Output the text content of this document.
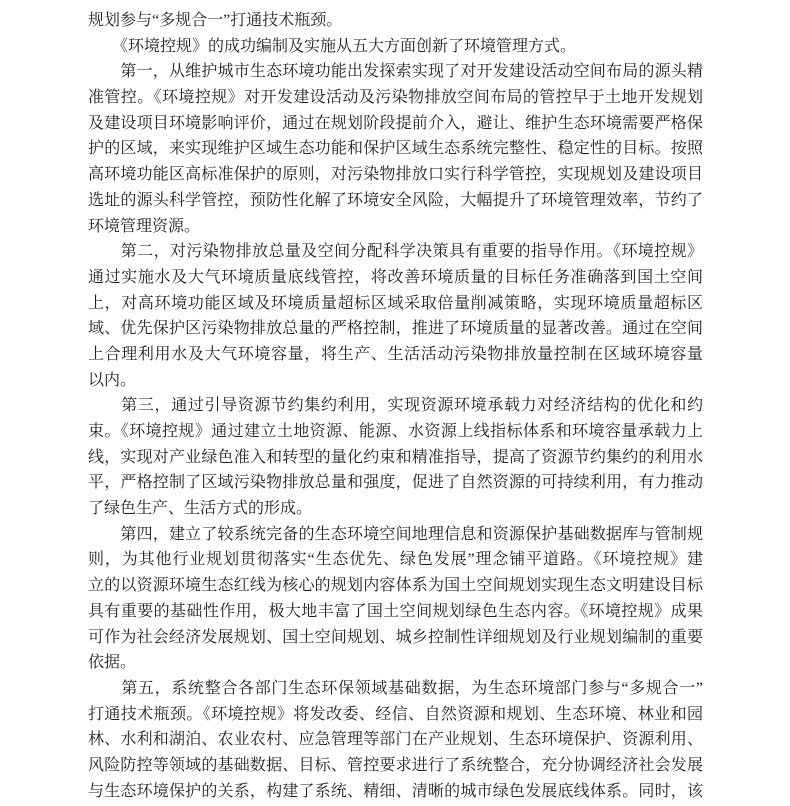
规划参与“多规合一”打通技术瓶颈。
　　《环境控规》的成功编制及实施从五大方面创新了环境管理方式。
　　第一，从维护城市生态环境功能出发探索实现了对开发建设活动空间布局的源头精
准管控。《环境控规》对开发建设活动及污染物排放空间布局的管控早于土地开发规划
及建设项目环境影响评价，通过在规划阶段提前介入，避让、维护生态环境需要严格保
护的区域，来实现维护区域生态功能和保护区域生态系统完整性、稳定性的目标。按照
高环境功能区高标准保护的原则，对污染物排放口实行科学管控，实现规划及建设项目
选址的源头科学管控，预防性化解了环境安全风险，大幅提升了环境管理效率，节约了
环境管理资源。
　　第二，对污染物排放总量及空间分配科学决策具有重要的指导作用。《环境控规》
通过实施水及大气环境质量底线管控，将改善环境质量的目标任务准确落到国土空间
上，对高环境功能区域及环境质量超标区域采取倍量削减策略，实现环境质量超标区
域、优先保护区污染物排放总量的严格控制，推进了环境质量的显著改善。通过在空间
上合理利用水及大气环境容量，将生产、生活活动污染物排放量控制在区域环境容量
以内。
　　第三，通过引导资源节约集约利用，实现资源环境承载力对经济结构的优化和约
束。《环境控规》通过建立土地资源、能源、水资源上线指标体系和环境容量承载力上
线，实现对产业绿色准入和转型的量化约束和精准指导，提高了资源节约集约的利用水
平，严格控制了区域污染物排放总量和强度，促进了自然资源的可持续利用，有力推动
了绿色生产、生活方式的形成。
　　第四，建立了较系统完备的生态环境空间地理信息和资源保护基础数据库与管制规
则，为其他行业规划贯彻落实“生态优先、绿色发展”理念铺平道路。《环境控规》建
立的以资源环境生态红线为核心的规划内容体系为国土空间规划实现生态文明建设目标
具有重要的基础性作用，极大地丰富了国土空间规划绿色生态内容。《环境控规》成果
可作为社会经济发展规划、国土空间规划、城乡控制性详细规划及行业规划编制的重要
依据。
　　第五，系统整合各部门生态环保领域基础数据，为生态环境部门参与“多规合一”
打通技术瓶颈。《环境控规》将发改委、经信、自然资源和规划、生态环境、林业和园
林、水利和湖泊、农业农村、应急管理等部门在产业规划、生态环境保护、资源利用、
风险防控等领域的基础数据、目标、管控要求进行了系统整合，充分协调经济社会发展
与生态环境保护的关系，构建了系统、精细、清晰的城市绿色发展底线体系。同时，该
